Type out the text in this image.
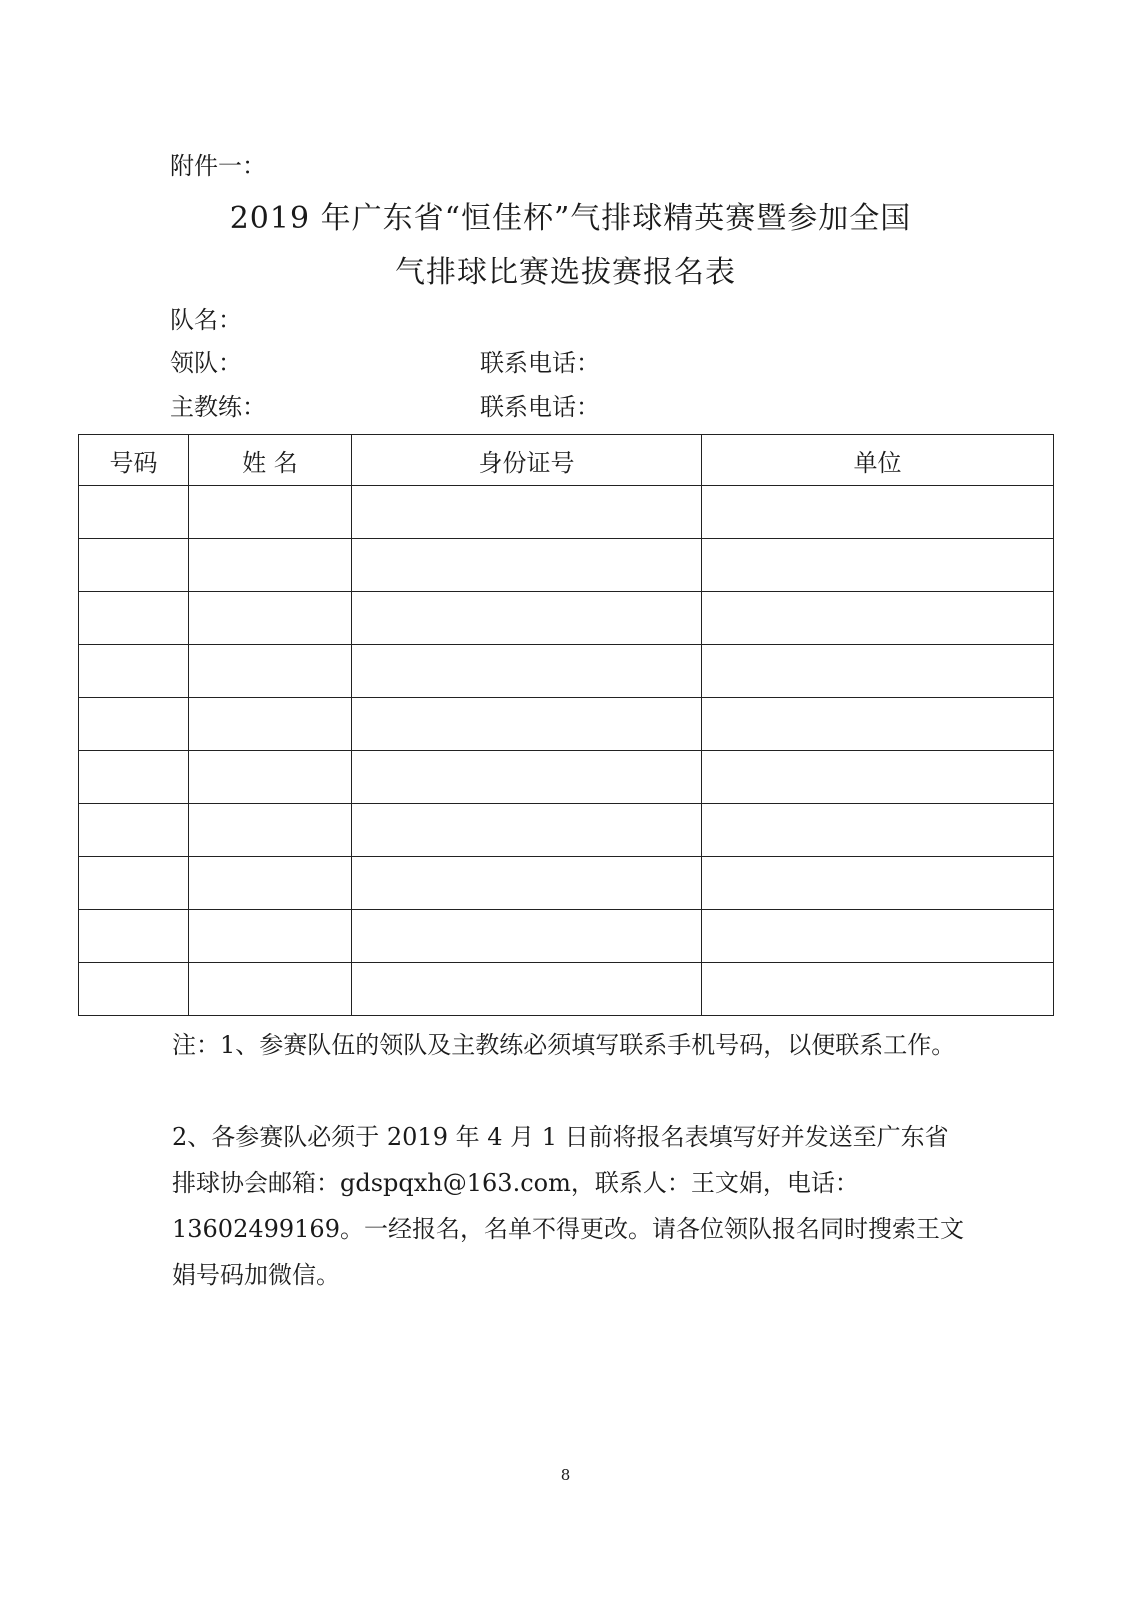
附件一：
2019 年广东省“恒佳杯”气排球精英赛暨参加全国
气排球比赛选拔赛报名表
队名：
领队：	联系电话：
主教练：	联系电话：
号码	姓 名	身份证号	单位

注：1、参赛队伍的领队及主教练必须填写联系手机号码，以便联系工作。
2、各参赛队必须于 2019 年 4 月 1 日前将报名表填写好并发送至广东省排球协会邮箱：gdspqxh@163.com，联系人：王文娟，电话：13602499169。一经报名，名单不得更改。请各位领队报名同时搜索王文娟号码加微信。
8
